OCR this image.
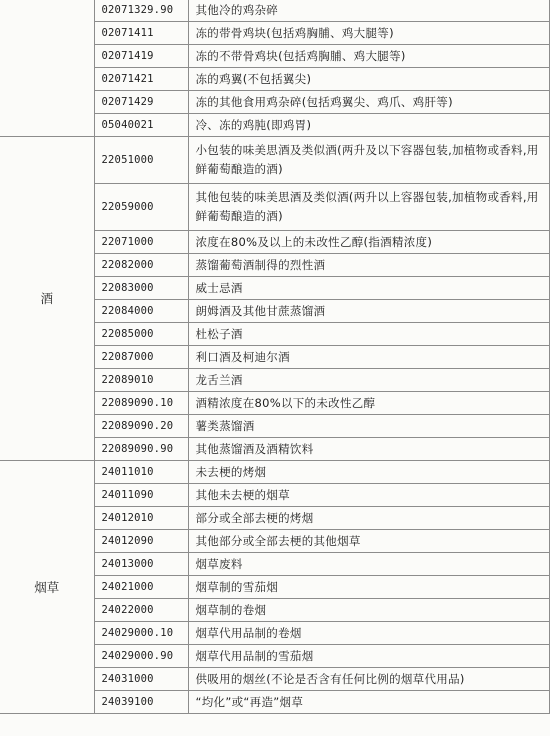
	02071329.90	其他冷的鸡杂碎
	02071411	冻的带骨鸡块(包括鸡胸脯、鸡大腿等)
	02071419	冻的不带骨鸡块(包括鸡胸脯、鸡大腿等)
	02071421	冻的鸡翼(不包括翼尖)
	02071429	冻的其他食用鸡杂碎(包括鸡翼尖、鸡爪、鸡肝等)
	05040021	冷、冻的鸡肫(即鸡胃)
酒	22051000	小包装的味美思酒及类似酒(两升及以下容器包装,加植物或香料,用鲜葡萄酿造的酒)
	22059000	其他包装的味美思酒及类似酒(两升以上容器包装,加植物或香料,用鲜葡萄酿造的酒)
	22071000	浓度在80%及以上的未改性乙醇(指酒精浓度)
	22082000	蒸馏葡萄酒制得的烈性酒
	22083000	威士忌酒
	22084000	朗姆酒及其他甘蔗蒸馏酒
	22085000	杜松子酒
	22087000	利口酒及柯迪尔酒
	22089010	龙舌兰酒
	22089090.10	酒精浓度在80%以下的未改性乙醇
	22089090.20	薯类蒸馏酒
	22089090.90	其他蒸馏酒及酒精饮料
烟草	24011010	未去梗的烤烟
	24011090	其他未去梗的烟草
	24012010	部分或全部去梗的烤烟
	24012090	其他部分或全部去梗的其他烟草
	24013000	烟草废料
	24021000	烟草制的雪茄烟
	24022000	烟草制的卷烟
	24029000.10	烟草代用品制的卷烟
	24029000.90	烟草代用品制的雪茄烟
	24031000	供吸用的烟丝(不论是否含有任何比例的烟草代用品)
	24039100	“均化”或“再造”烟草
